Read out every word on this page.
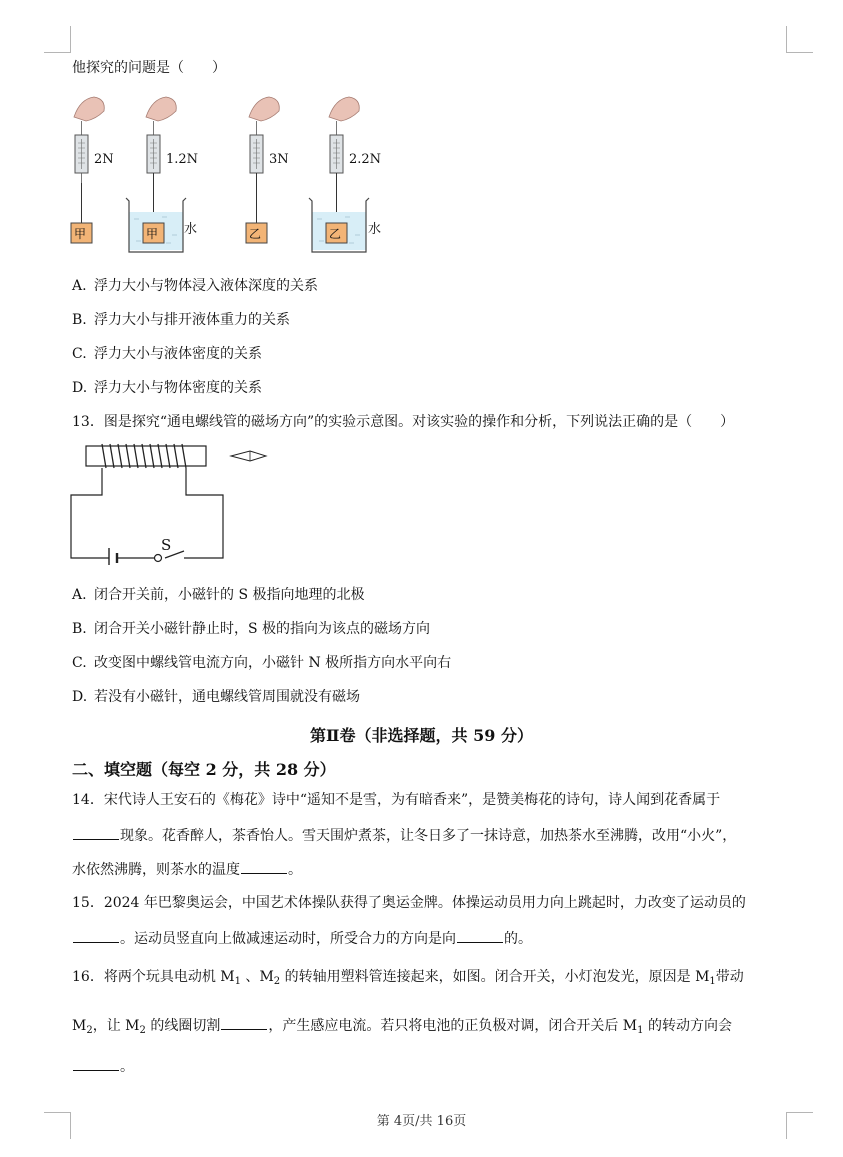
他探究的问题是（　　）
2N
甲
1.2N
甲 水
3N
乙
2.2N
乙 水
A. 浮力大小与物体浸入液体深度的关系
B. 浮力大小与排开液体重力的关系
C. 浮力大小与液体密度的关系
D. 浮力大小与物体密度的关系
13．图是探究“通电螺线管的磁场方向”的实验示意图。对该实验的操作和分析，下列说法正确的是（　　）
S
A. 闭合开关前，小磁针的 S 极指向地理的北极
B. 闭合开关小磁针静止时，S 极的指向为该点的磁场方向
C. 改变图中螺线管电流方向，小磁针 N 极所指方向水平向右
D. 若没有小磁针，通电螺线管周围就没有磁场
第Ⅱ卷（非选择题，共 59 分）
二、填空题（每空 2 分，共 28 分）
14．宋代诗人王安石的《梅花》诗中“遥知不是雪，为有暗香来”，是赞美梅花的诗句，诗人闻到花香属于
现象。花香醉人，茶香怡人。雪天围炉煮茶，让冬日多了一抹诗意，加热茶水至沸腾，改用“小火”，
水依然沸腾，则茶水的温度	。
15．2024 年巴黎奥运会，中国艺术体操队获得了奥运金牌。体操运动员用力向上跳起时，力改变了运动员的
。运动员竖直向上做减速运动时，所受合力的方向是向	的。
16．将两个玩具电动机 $M_1$ 、$M_2$ 的转轴用塑料管连接起来，如图。闭合开关，小灯泡发光，原因是 $M_1$带动
$M_2$，让 $M_2$ 的线圈切割	，产生感应电流。若只将电池的正负极对调，闭合开关后 $M_1$ 的转动方向会
。
第 4页/共 16页
